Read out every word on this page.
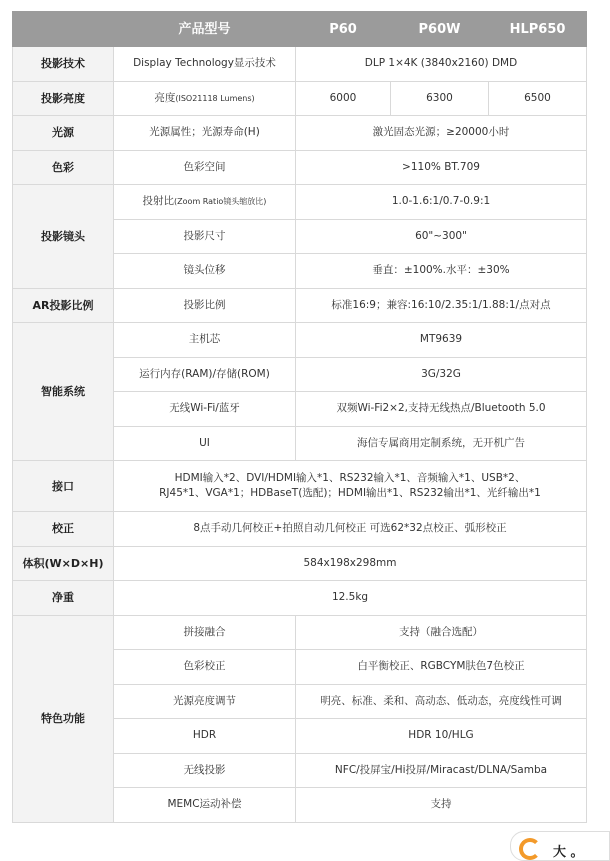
	产品型号	P60	P60W	HLP650
投影技术	Display Technology显示技术	DLP 1×4K (3840x2160) DMD		
投影亮度	亮度(ISO21118 Lumens)	6000	6300	6500
光源	光源属性；光源寿命(H)	激光固态光源；≥20000小时		
色彩	色彩空间	>110% BT.709		
投影镜头	投射比(Zoom Ratio镜头缩放比)	1.0-1.6:1/0.7-0.9:1		
	投影尺寸	60"~300"		
	镜头位移	垂直：±100%.水平：±30%		
AR投影比例	投影比例	标准16:9；兼容:16:10/2.35:1/1.88:1/点对点		
智能系统	主机芯	MT9639		
	运行内存(RAM)/存储(ROM)	3G/32G		
	无线Wi-Fi/蓝牙	双频Wi-Fi2×2,支持无线热点/Bluetooth 5.0		
	UI	海信专属商用定制系统，无开机广告		
接口	HDMI输入*2、DVI/HDMI输入*1、RS232输入*1、音频输入*1、USB*2、
RJ45*1、VGA*1；HDBaseT(选配)；HDMI输出*1、RS232输出*1、光纤输出*1			

校正	8点手动几何校正+拍照自动几何校正 可选62*32点校正、弧形校正			
体积(W×D×H)	584x198x298mm			
净重	12.5kg			
特色功能	拼接融合	支持（融合选配）		
	色彩校正	白平衡校正、RGBCYM肤色7色校正		
	光源亮度调节	明亮、标准、柔和、高动态、低动态，亮度线性可调		
	HDR	HDR 10/HLG		
	无线投影	NFC/投屏宝/Hi投屏/Miracast/DLNA/Samba		
	MEMC运动补偿	支持		
大 。
